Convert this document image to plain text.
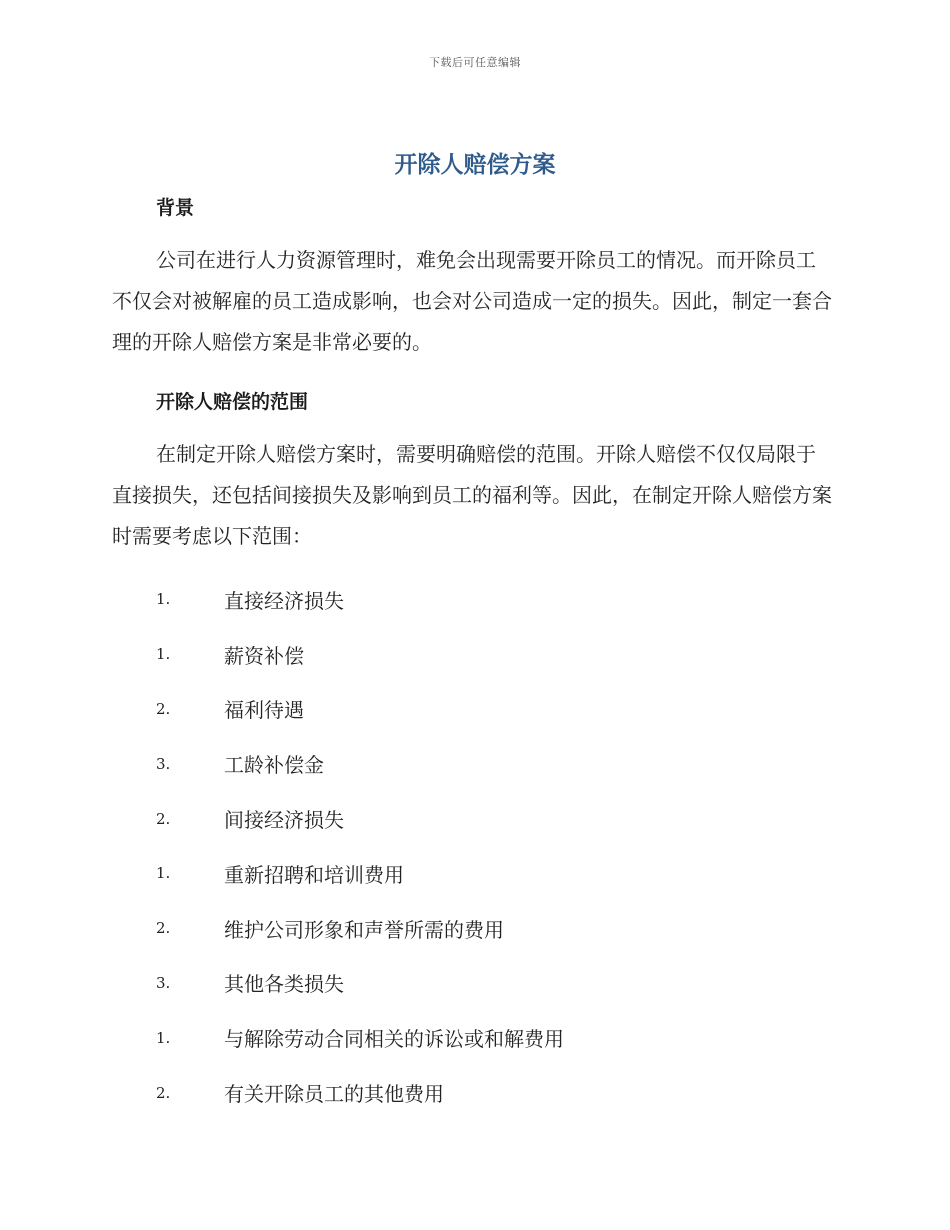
下载后可任意编辑
开除人赔偿方案
背景

公司在进行人力资源管理时，难免会出现需要开除员工的情况。而开除员工不仅会对被解雇的员工造成影响，也会对公司造成一定的损失。因此，制定一套合理的开除人赔偿方案是非常必要的。

开除人赔偿的范围

在制定开除人赔偿方案时，需要明确赔偿的范围。开除人赔偿不仅仅局限于直接损失，还包括间接损失及影响到员工的福利等。因此，在制定开除人赔偿方案时需要考虑以下范围：

1.	直接经济损失
1.	薪资补偿
2.	福利待遇
3.	工龄补偿金
2.	间接经济损失
1.	重新招聘和培训费用
2.	维护公司形象和声誉所需的费用
3.	其他各类损失
1.	与解除劳动合同相关的诉讼或和解费用
2.	有关开除员工的其他费用
